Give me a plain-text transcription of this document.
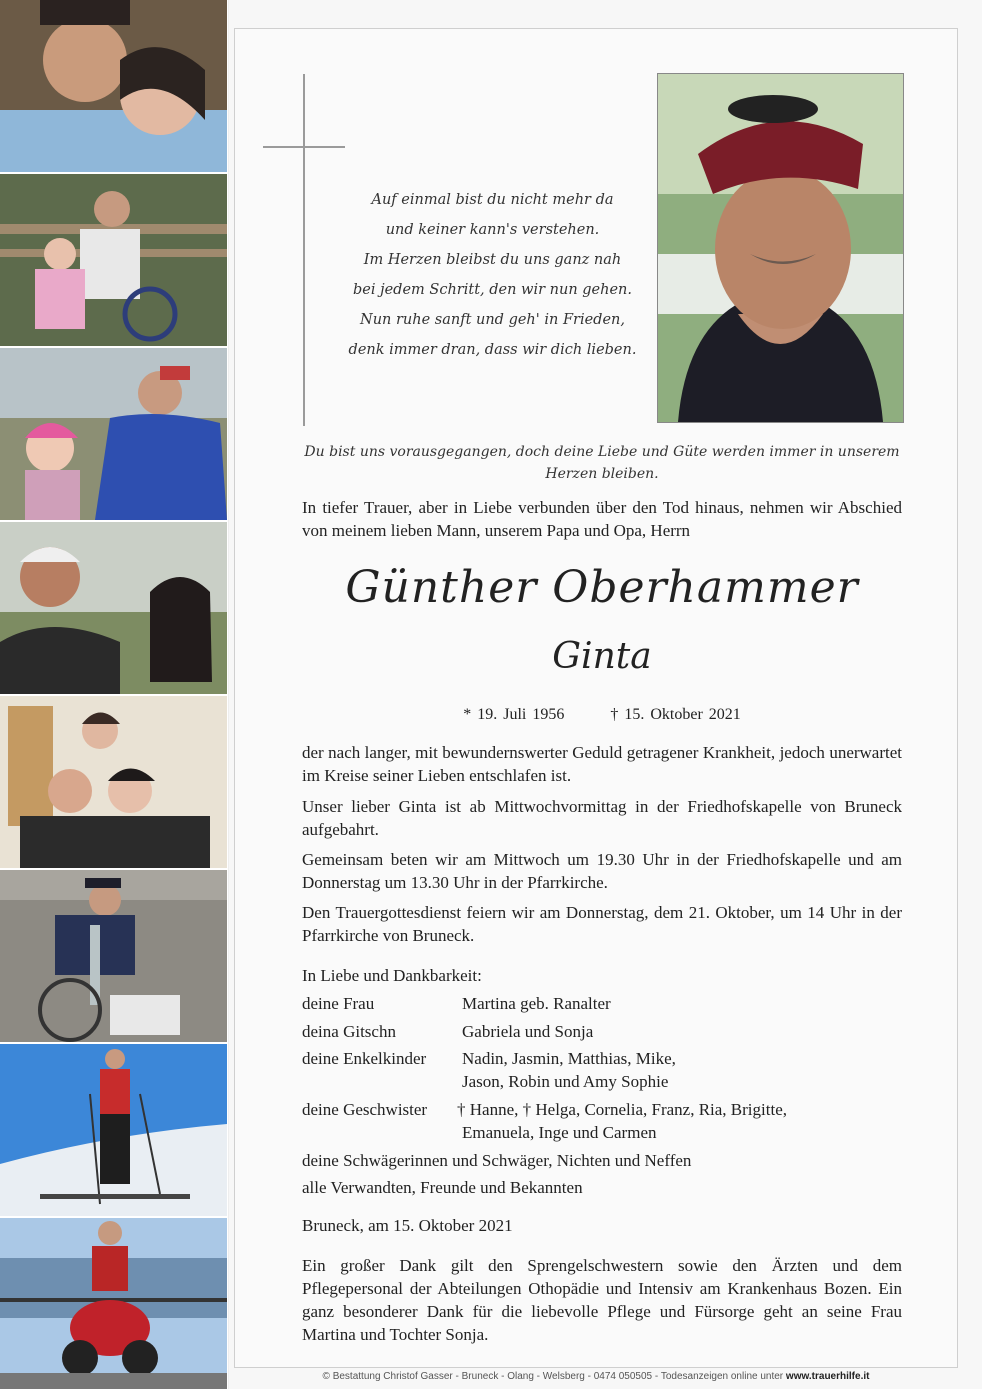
Auf einmal bist du nicht mehr da
und keiner kann's verstehen.
Im Herzen bleibst du uns ganz nah
bei jedem Schritt, den wir nun gehen.
Nun ruhe sanft und geh' in Frieden,
denk immer dran, dass wir dich lieben.
Du bist uns vorausgegangen, doch deine Liebe und Güte werden immer in unserem Herzen bleiben.
In tiefer Trauer, aber in Liebe verbunden über den Tod hinaus, nehmen wir Abschied von meinem lieben Mann, unserem Papa und Opa, Herrn
Günther Oberhammer
Ginta
* 19. Juli 1956	† 15. Oktober 2021
der nach langer, mit bewundernswerter Geduld getragener Krankheit, jedoch unerwartet im Kreise seiner Lieben entschlafen ist.
Unser lieber Ginta ist ab Mittwochvormittag in der Friedhofskapelle von Bruneck aufgebahrt.
Gemeinsam beten wir am Mittwoch um 19.30 Uhr in der Friedhofskapelle und am Donnerstag um 13.30 Uhr in der Pfarrkirche.
Den Trauergottesdienst feiern wir am Donnerstag, dem 21. Oktober, um 14 Uhr in der Pfarrkirche von Bruneck.
In Liebe und Dankbarkeit:
deine Frau	Martina geb. Ranalter
deina Gitschn	Gabriela und Sonja
deine Enkelkinder Nadin, Jasmin, Matthias, Mike,
Jason, Robin und Amy Sophie
deine Geschwister † Hanne, † Helga, Cornelia, Franz, Ria, Brigitte,
Emanuela, Inge und Carmen
deine Schwägerinnen und Schwäger, Nichten und Neffen
alle Verwandten, Freunde und Bekannten
Bruneck, am 15. Oktober 2021
Ein großer Dank gilt den Sprengelschwestern sowie den Ärzten und dem Pflegepersonal der Abteilungen Othopädie und Intensiv am Krankenhaus Bozen. Ein ganz besonderer Dank für die liebevolle Pflege und Fürsorge geht an seine Frau Martina und Tochter Sonja.
© Bestattung Christof Gasser - Bruneck - Olang - Welsberg - 0474 050505 - Todesanzeigen online unter www.trauerhilfe.it
